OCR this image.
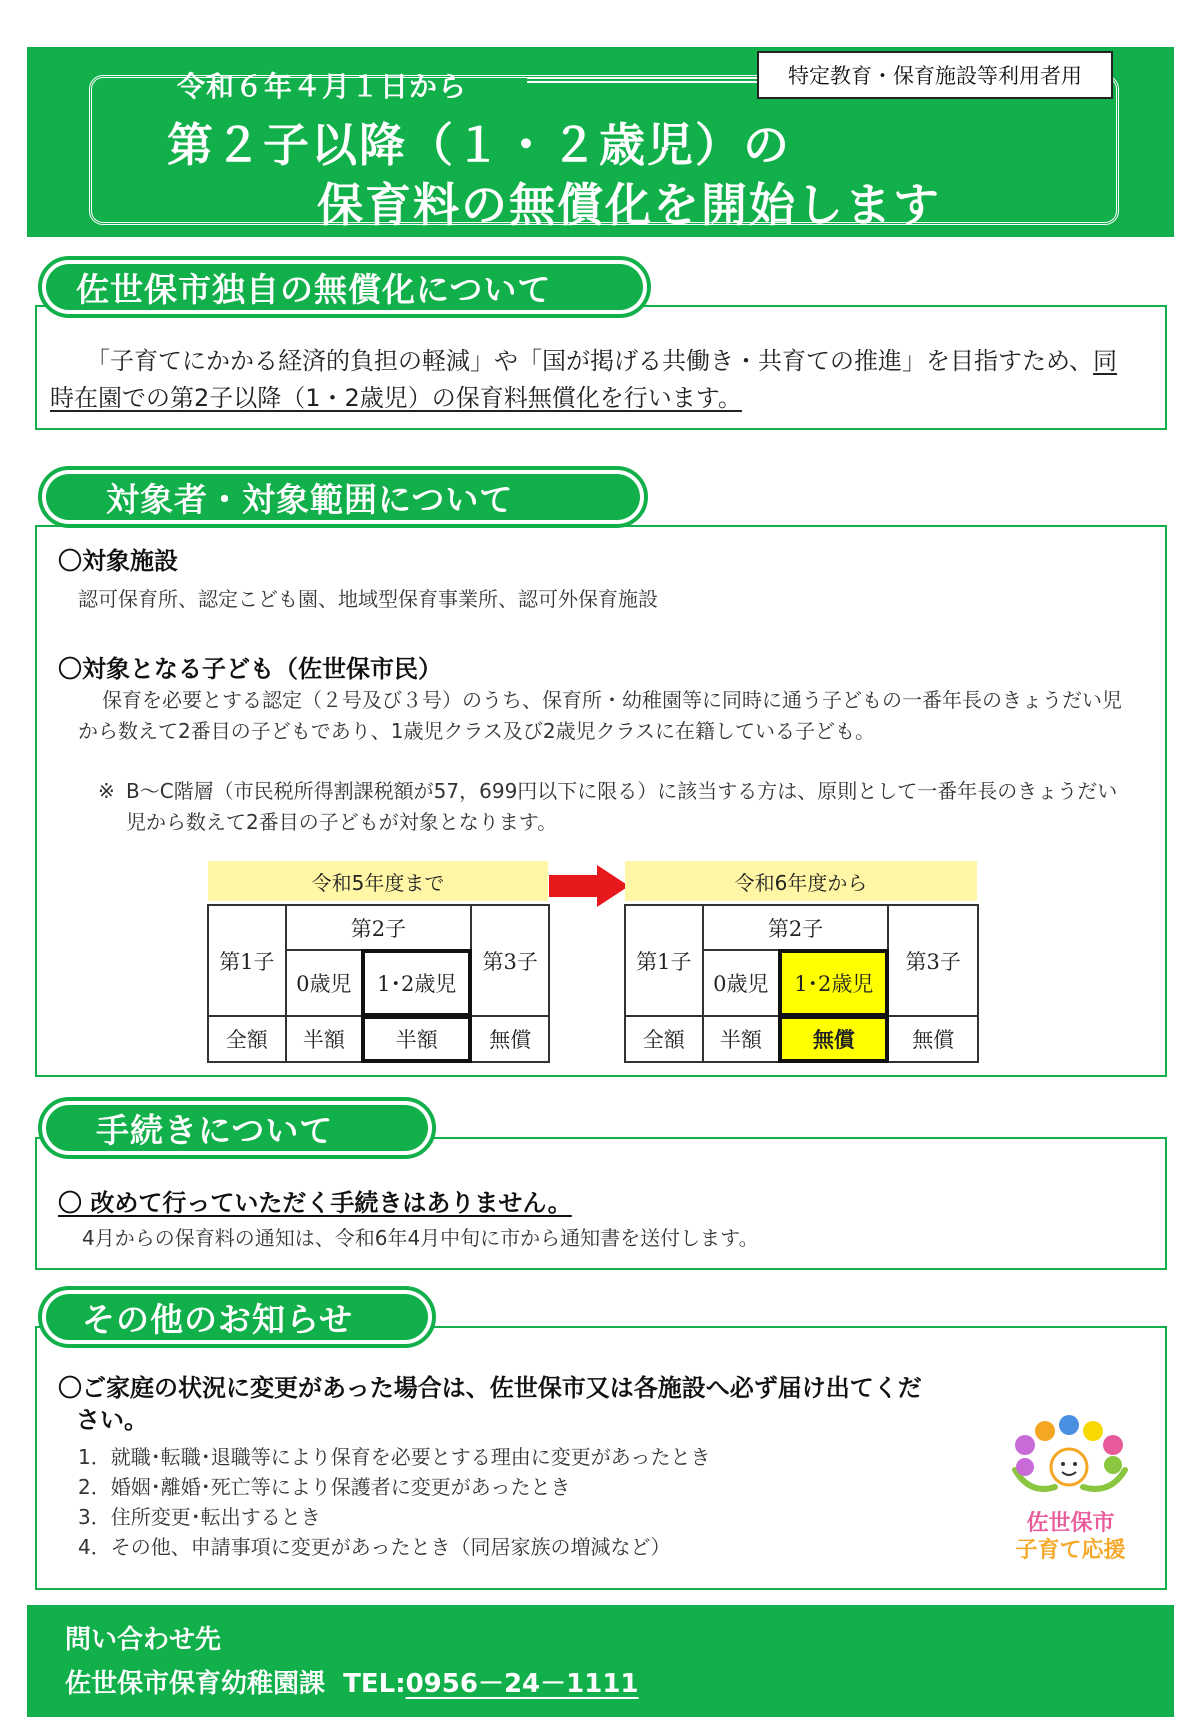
令和６年４月１日から	特定教育・保育施設等利用者用
第２子以降（１・２歳児）の
保育料の無償化を開始します
佐世保市独自の無償化について
「子育てにかかる経済的負担の軽減」や「国が掲げる共働き・共育ての推進」を目指すため、同時在園での第2子以降（1・2歳児）の保育料無償化を行います。
対象者・対象範囲について
〇対象施設
認可保育所、認定こども園、地域型保育事業所、認可外保育施設
〇対象となる子ども（佐世保市民）
保育を必要とする認定（２号及び３号）のうち、保育所・幼稚園等に同時に通う子どもの一番年長のきょうだい児から数えて2番目の子どもであり、1歳児クラス及び2歳児クラスに在籍している子ども。
※ B～C階層（市民税所得割課税額が57，699円以下に限る）に該当する方は、原則として一番年長のきょうだい児から数えて2番目の子どもが対象となります。
令和5年度まで
第1子	第2子		第3子
	0歳児	1･2歳児	
全額	半額	半額	無償
令和6年度から
第1子	第2子		第3子
	0歳児	1･2歳児	
全額	半額	無償	無償
手続きについて
〇 改めて行っていただく手続きはありません。
4月からの保育料の通知は、令和6年4月中旬に市から通知書を送付します。
その他のお知らせ
〇ご家庭の状況に変更があった場合は、佐世保市又は各施設へ必ず届け出てくだ
さい。
1．就職･転職･退職等により保育を必要とする理由に変更があったとき
2．婚姻･離婚･死亡等により保護者に変更があったとき
3．住所変更･転出するとき
4．その他、申請事項に変更があったとき（同居家族の増減など）
佐世保市
子育て応援
問い合わせ先
佐世保市保育幼稚園課 TEL:0956－24－1111
